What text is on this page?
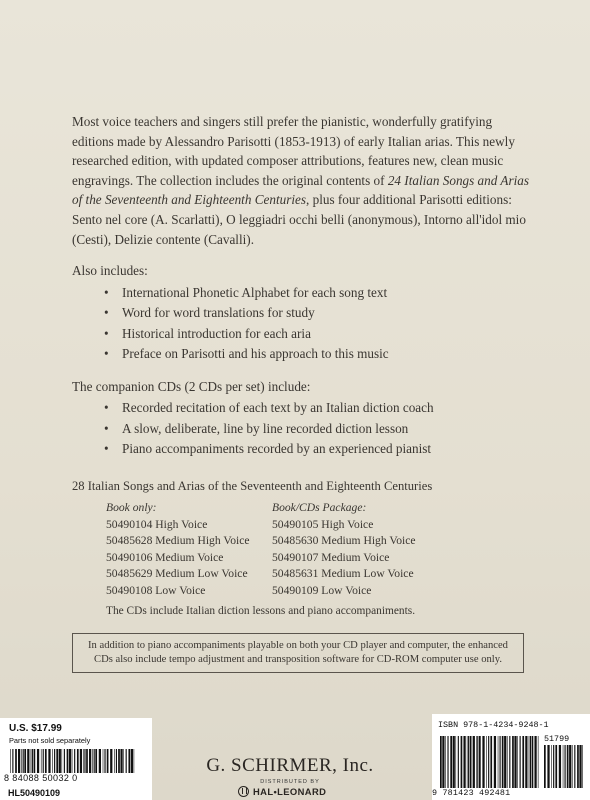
Most voice teachers and singers still prefer the pianistic, wonderfully gratifying editions made by Alessandro Parisotti (1853-1913) of early Italian arias. This newly researched edition, with updated composer attributions, features new, clean music engravings. The collection includes the original contents of 24 Italian Songs and Arias of the Seventeenth and Eighteenth Centuries, plus four additional Parisotti editions: Sento nel core (A. Scarlatti), O leggiadri occhi belli (anonymous), Intorno all'idol mio (Cesti), Delizie contente (Cavalli).

Also includes:

• International Phonetic Alphabet for each song text
• Word for word translations for study
• Historical introduction for each aria
• Preface on Parisotti and his approach to this music

The companion CDs (2 CDs per set) include:

• Recorded recitation of each text by an Italian diction coach
• A slow, deliberate, line by line recorded diction lesson
• Piano accompaniments recorded by an experienced pianist
28 Italian Songs and Arias of the Seventeenth and Eighteenth Centuries
Book only:
50490104 High Voice
50485628 Medium High Voice
50490106 Medium Voice
50485629 Medium Low Voice
50490108 Low Voice
Book/CDs Package:
50490105 High Voice
50485630 Medium High Voice
50490107 Medium Voice
50485631 Medium Low Voice
50490109 Low Voice
The CDs include Italian diction lessons and piano accompaniments.
In addition to piano accompaniments playable on both your CD player and computer, the enhanced CDs also include tempo adjustment and transposition software for CD-ROM computer use only.
U.S. $17.99
Parts not sold separately
8 84088 50032 0
HL50490109
G. SCHIRMER, Inc.
DISTRIBUTED BY
HAL•LEONARD
ISBN 978-1-4234-9248-1
51799
9 781423 492481
